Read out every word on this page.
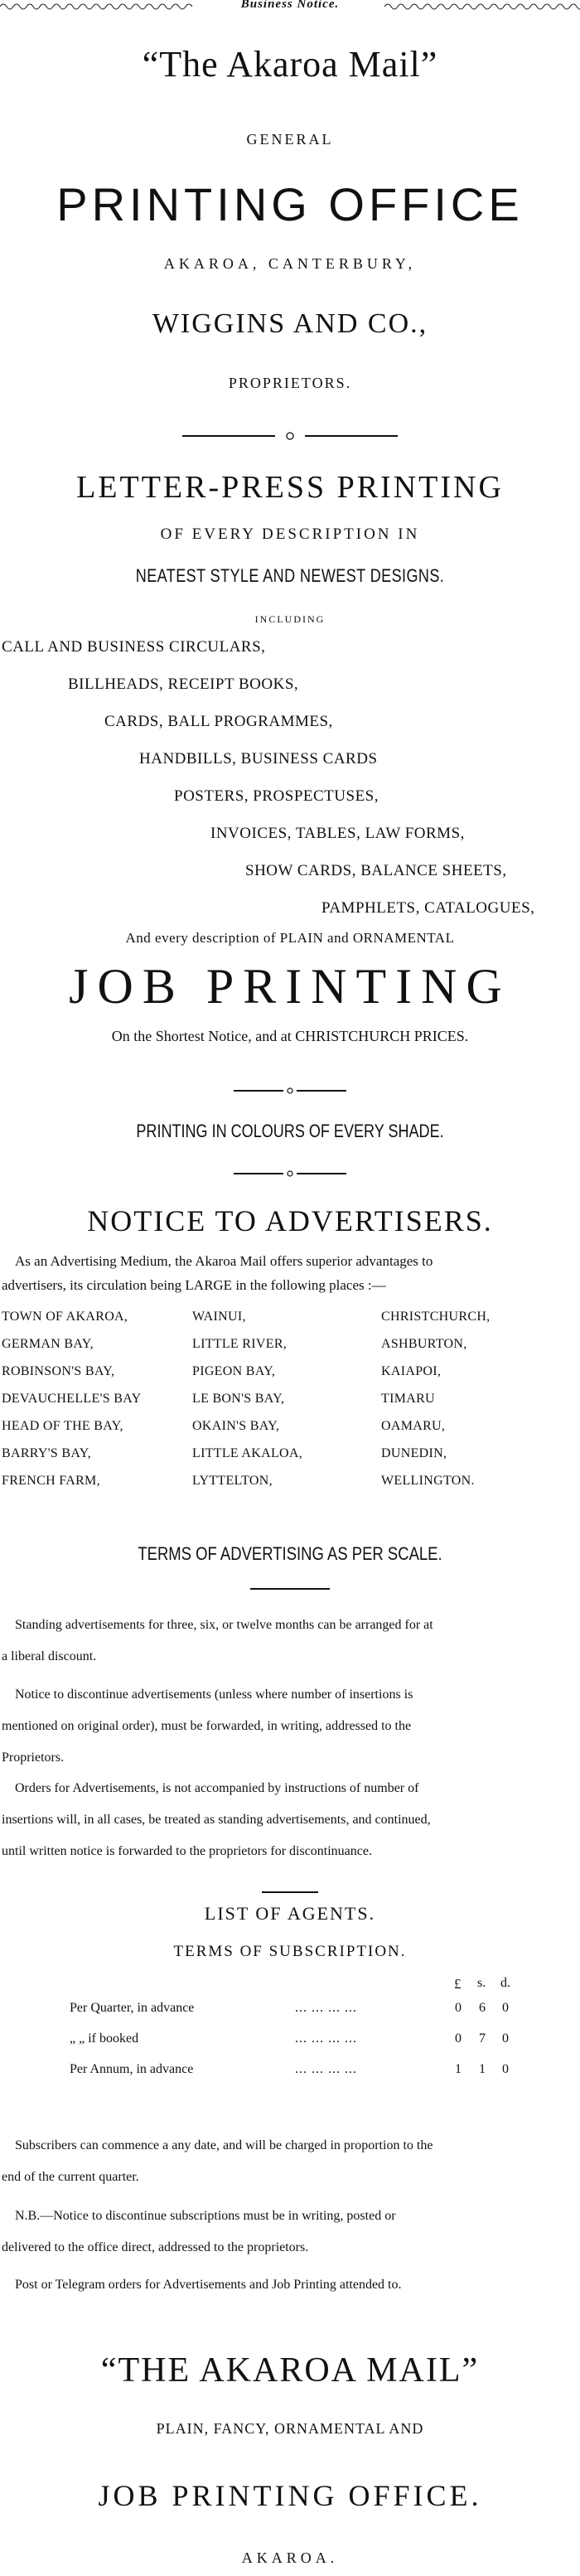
Business Notice.
“The Akaroa Mail”
GENERAL
PRINTING OFFICE
AKAROA, CANTERBURY,
WIGGINS AND CO.,
PROPRIETORS.
LETTER-PRESS PRINTING
OF EVERY DESCRIPTION IN
NEATEST STYLE AND NEWEST DESIGNS.
INCLUDING
CALL AND BUSINESS CIRCULARS,
BILLHEADS, RECEIPT BOOKS,
CARDS, BALL PROGRAMMES,
HANDBILLS, BUSINESS CARDS
POSTERS, PROSPECTUSES,
INVOICES, TABLES, LAW FORMS,
SHOW CARDS, BALANCE SHEETS,
PAMPHLETS, CATALOGUES,
And every description of PLAIN and ORNAMENTAL
JOB PRINTING
On the Shortest Notice, and at CHRISTCHURCH PRICES.
PRINTING IN COLOURS OF EVERY SHADE.
NOTICE TO ADVERTISERS.
As an Advertising Medium, the Akaroa Mail offers superior advantages to
advertisers, its circulation being LARGE in the following places :—
TOWN OF AKAROA,	WAINUI,	CHRISTCHURCH,
GERMAN BAY,	LITTLE RIVER,	ASHBURTON,
ROBINSON'S BAY,	PIGEON BAY,	KAIAPOI,
DEVAUCHELLE'S BAY	LE BON'S BAY,	TIMARU
HEAD OF THE BAY,	OKAIN'S BAY,	OAMARU,
BARRY'S BAY,	LITTLE AKALOA,	DUNEDIN,
FRENCH FARM,	LYTTELTON,	WELLINGTON.
TERMS OF ADVERTISING AS PER SCALE.
Standing advertisements for three, six, or twelve months can be arranged for at
a liberal discount.
Notice to discontinue advertisements (unless where number of insertions is
mentioned on original order), must be forwarded, in writing, addressed to the
Proprietors.
Orders for Advertisements, is not accompanied by instructions of number of
insertions will, in all cases, be treated as standing advertisements, and continued,
until written notice is forwarded to the proprietors for discontinuance.
LIST OF AGENTS.
TERMS OF SUBSCRIPTION.
£ s. d.
Per Quarter, in advance	... ... ... ...	0 6 0
„ „ if booked	... ... ... ...	0 7 0
Per Annum, in advance	... ... ... ...	1 1 0
Subscribers can commence a any date, and will be charged in proportion to the
end of the current quarter.
N.B.—Notice to discontinue subscriptions must be in writing, posted or
delivered to the office direct, addressed to the proprietors.
Post or Telegram orders for Advertisements and Job Printing attended to.
“THE AKAROA MAIL”
PLAIN, FANCY, ORNAMENTAL AND
JOB PRINTING OFFICE.
AKAROA.
